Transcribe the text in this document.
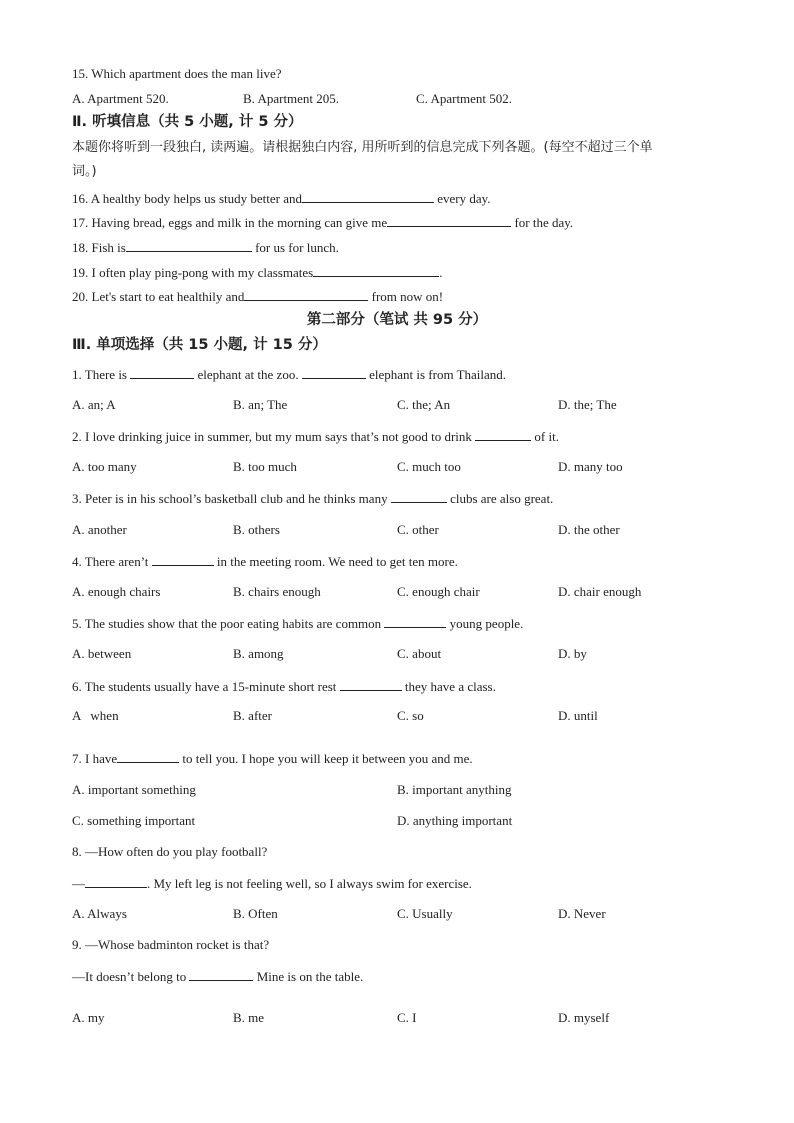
15. Which apartment does the man live?
A. Apartment 520.	B. Apartment 205.	C. Apartment 502.
Ⅱ. 听填信息（共 5 小题, 计 5 分）
本题你将听到一段独白, 读两遍。请根据独白内容, 用所听到的信息完成下列各题。(每空不超过三个单
词。)
16. A healthy body helps us study better and	every day.
17. Having bread, eggs and milk in the morning can give me	for the day.
18. Fish is	for us for lunch.
19. I often play ping-pong with my classmates	.
20. Let's start to eat healthily and	from now on!
第二部分（笔试 共 95 分）
Ⅲ. 单项选择（共 15 小题, 计 15 分）
1. There is	elephant at the zoo.	elephant is from Thailand.
A. an; A	B. an; The	C. the; An	D. the; The
2. I love drinking juice in summer, but my mum says that’s not good to drink	of it.
A. too many	B. too much	C. much too	D. many too
3. Peter is in his school’s basketball club and he thinks many	clubs are also great.
A. another	B. others	C. other	D. the other
4. There aren’t	in the meeting room. We need to get ten more.
A. enough chairs	B. chairs enough	C. enough chair	D. chair enough
5. The studies show that the poor eating habits are common	young people.
A. between	B. among	C. about	D. by
6. The students usually have a 15-minute short rest	they have a class.
A   when	B. after	C. so	D. until
7. I have	to tell you. I hope you will keep it between you and me.
A. important something	B. important anything
C. something important	D. anything important
8. —How often do you play football?
—	. My left leg is not feeling well, so I always swim for exercise.
A. Always	B. Often	C. Usually	D. Never
9. —Whose badminton rocket is that?
—It doesn’t belong to	Mine is on the table.
A. my	B. me	C. I	D. myself
